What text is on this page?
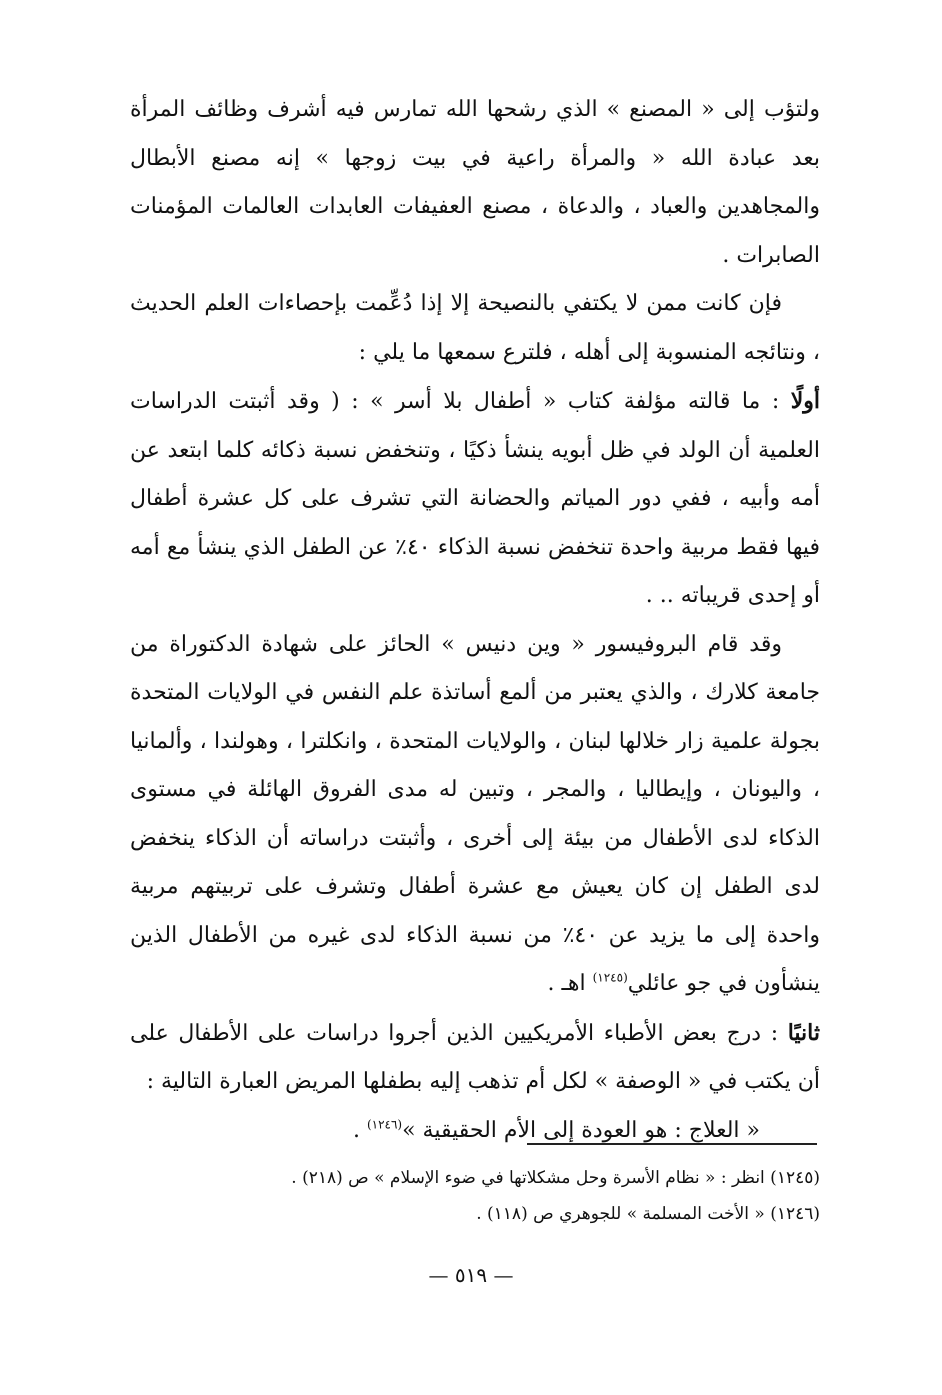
ولتؤب إلى « المصنع » الذي رشحها الله تمارس فيه أشرف وظائف المرأة بعد عبادة الله « والمرأة راعية في بيت زوجها » إنه مصنع الأبطال والمجاهدين والعباد ، والدعاة ، مصنع العفيفات العابدات العالمات المؤمنات الصابرات .

فإن كانت ممن لا يكتفي بالنصيحة إلا إذا دُعِّمت بإحصاءات العلم الحديث ، ونتائجه المنسوبة إلى أهله ، فلترع سمعها ما يلي :

أولًا : ما قالته مؤلفة كتاب « أطفال بلا أسر » : ( وقد أثبتت الدراسات العلمية أن الولد في ظل أبويه ينشأ ذكيًا ، وتنخفض نسبة ذكائه كلما ابتعد عن أمه وأبيه ، ففي دور المياتم والحضانة التي تشرف على كل عشرة أطفال فيها فقط مربية واحدة تنخفض نسبة الذكاء ٤٠٪ عن الطفل الذي ينشأ مع أمه أو إحدى قريباته .. .

وقد قام البروفيسور « وين دنيس » الحائز على شهادة الدكتوراة من جامعة كلارك ، والذي يعتبر من ألمع أساتذة علم النفس في الولايات المتحدة بجولة علمية زار خلالها لبنان ، والولايات المتحدة ، وانكلترا ، وهولندا ، وألمانيا ، واليونان ، وإيطاليا ، والمجر ، وتبين له مدى الفروق الهائلة في مستوى الذكاء لدى الأطفال من بيئة إلى أخرى ، وأثبتت دراساته أن الذكاء ينخفض لدى الطفل إن كان يعيش مع عشرة أطفال وتشرف على تربيتهم مربية واحدة إلى ما يزيد عن ٤٠٪ من نسبة الذكاء لدى غيره من الأطفال الذين ينشأون في جو عائلي$^{(١٢٤٥)}$ اهـ .

ثانيًا : درج بعض الأطباء الأمريكيين الذين أجروا دراسات على الأطفال على أن يكتب في « الوصفة » لكل أم تذهب إليه بطفلها المريض العبارة التالية :

« العلاج : هو العودة إلى الأم الحقيقية »$^{(١٢٤٦)}$ .

(١٢٤٥) انظر : « نظام الأسرة وحل مشكلاتها في ضوء الإسلام » ص (٢١٨) .

(١٢٤٦) « الأخت المسلمة » للجوهري ص (١١٨) .

— ٥١٩ —
